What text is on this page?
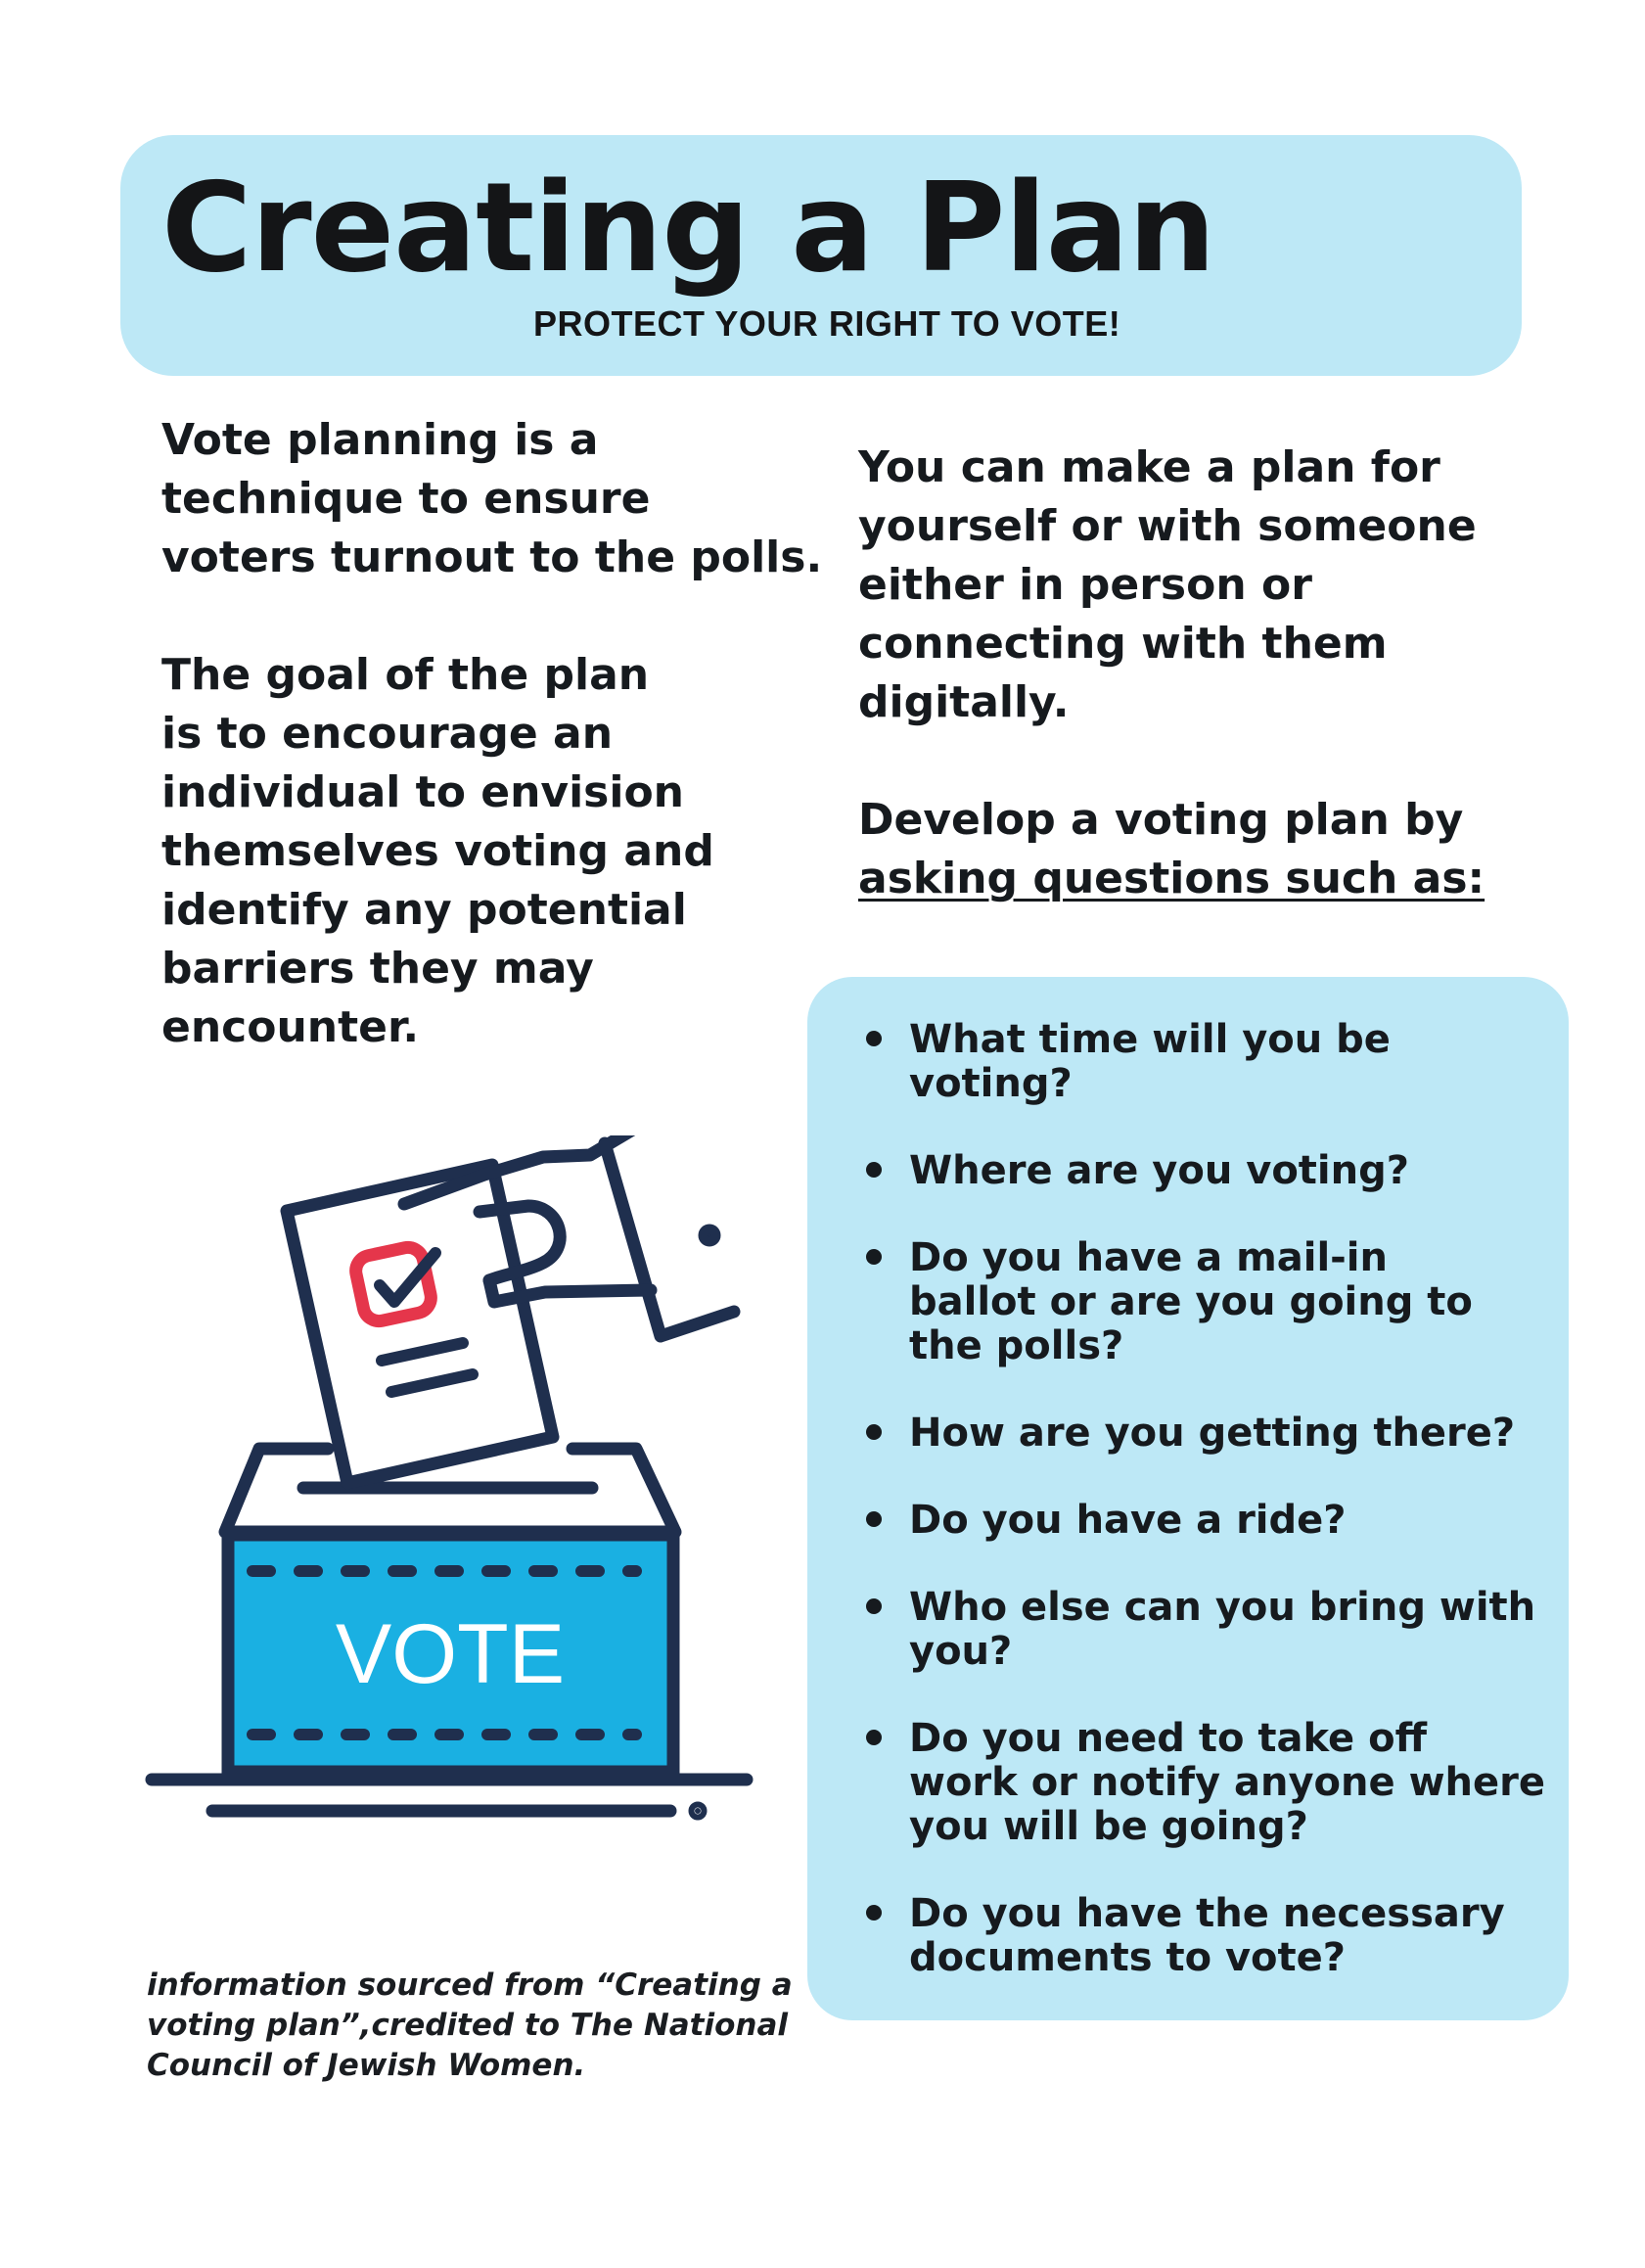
Creating a Plan
PROTECT YOUR RIGHT TO VOTE!

Vote planning is a
technique to ensure
voters turnout to the polls.

The goal of the plan
is to encourage an
individual to envision
themselves voting and
identify any potential
barriers they may
encounter.

You can make a plan for
yourself or with someone
either in person or
connecting with them
digitally.

Develop a voting plan by
asking questions such as:

What time will you be
voting?
Where are you voting?
Do you have a mail-in
ballot or are you going to
the polls?
How are you getting there?
Do you have a ride?
Who else can you bring with
you?
Do you need to take off
work or notify anyone where
you will be going?
Do you have the necessary
documents to vote?
VOTE

information sourced from “Creating a
voting plan”,credited to The National
Council of Jewish Women.
